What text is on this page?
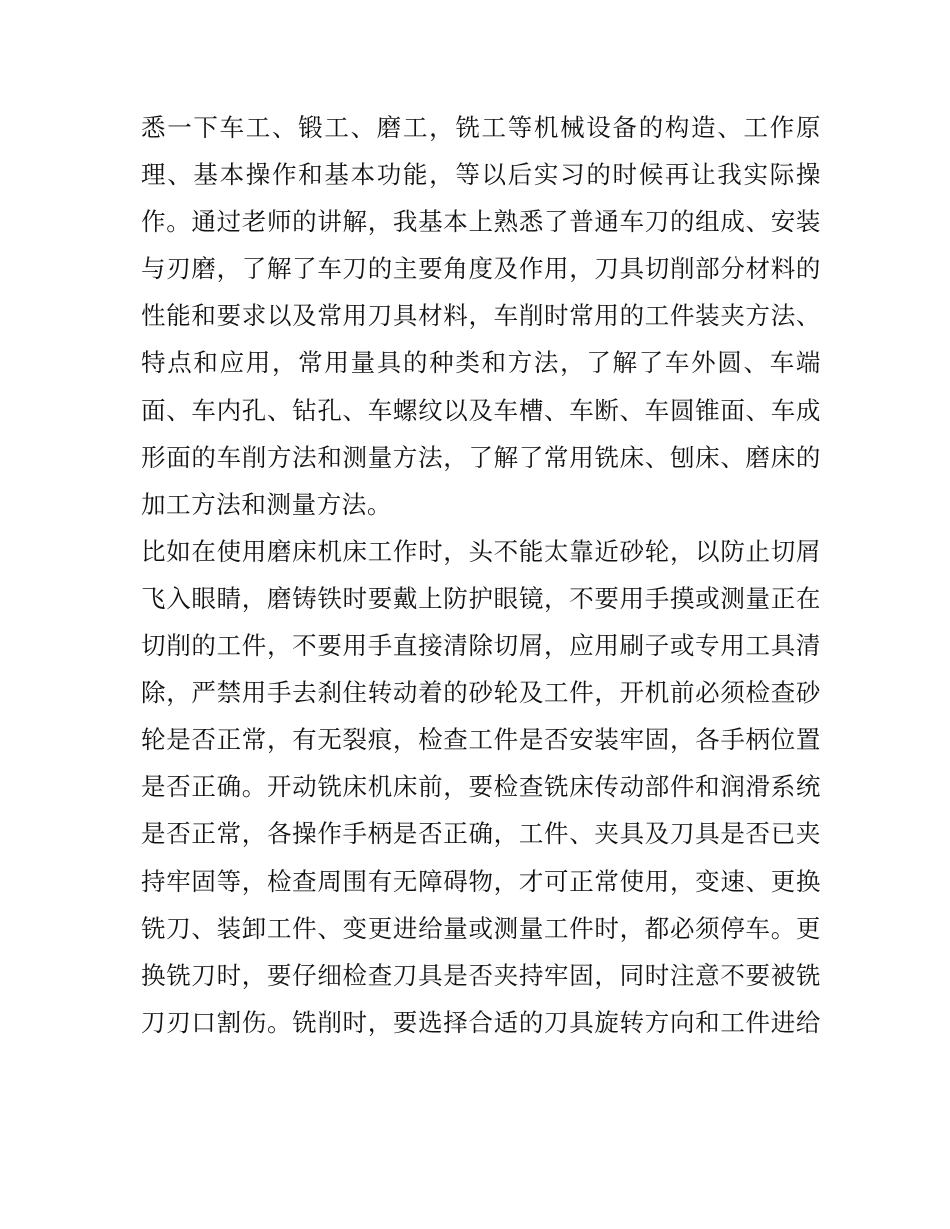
悉一下车工、锻工、磨工，铣工等机械设备的构造、工作原
理、基本操作和基本功能，等以后实习的时候再让我实际操
作。通过老师的讲解，我基本上熟悉了普通车刀的组成、安装
与刃磨，了解了车刀的主要角度及作用，刀具切削部分材料的
性能和要求以及常用刀具材料，车削时常用的工件装夹方法、
特点和应用，常用量具的种类和方法，了解了车外圆、车端
面、车内孔、钻孔、车螺纹以及车槽、车断、车圆锥面、车成
形面的车削方法和测量方法，了解了常用铣床、刨床、磨床的
加工方法和测量方法。
比如在使用磨床机床工作时，头不能太靠近砂轮，以防止切屑
飞入眼睛，磨铸铁时要戴上防护眼镜，不要用手摸或测量正在
切削的工件，不要用手直接清除切屑，应用刷子或专用工具清
除，严禁用手去刹住转动着的砂轮及工件，开机前必须检查砂
轮是否正常，有无裂痕，检查工件是否安装牢固，各手柄位置
是否正确。开动铣床机床前，要检查铣床传动部件和润滑系统
是否正常，各操作手柄是否正确，工件、夹具及刀具是否已夹
持牢固等，检查周围有无障碍物，才可正常使用，变速、更换
铣刀、装卸工件、变更进给量或测量工件时，都必须停车。更
换铣刀时，要仔细检查刀具是否夹持牢固，同时注意不要被铣
刀刃口割伤。铣削时，要选择合适的刀具旋转方向和工件进给
